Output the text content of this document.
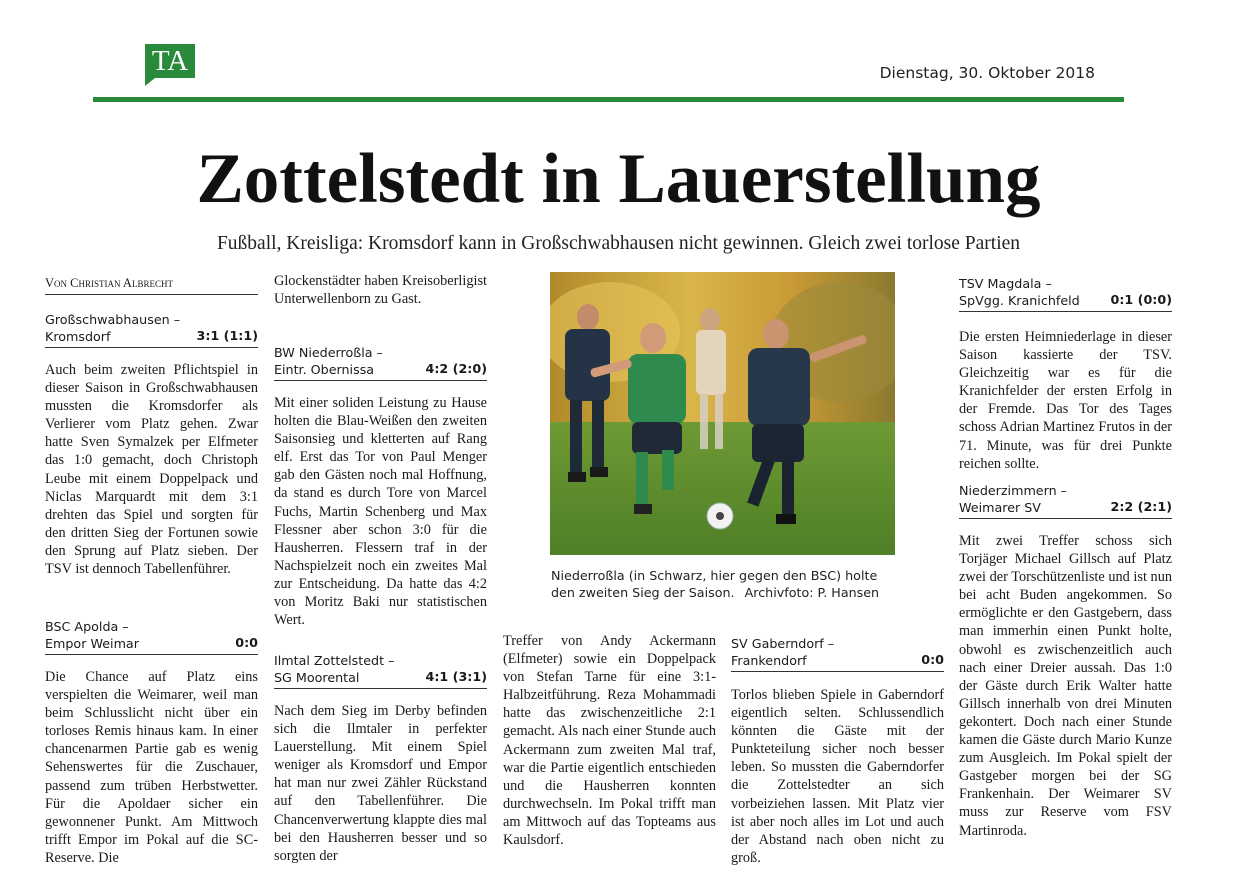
TA	Dienstag, 30. Oktober 2018
Zottelstedt in Lauerstellung
Fußball, Kreisliga: Kromsdorf kann in Großschwabhausen nicht gewinnen. Gleich zwei torlose Partien
Von Christian Albrecht
Großschwabhausen –
Kromsdorf	3:1 (1:1)
Auch beim zweiten Pflichtspiel in dieser Saison in Großschwabhausen mussten die Kromsdorfer als Verlierer vom Platz gehen. Zwar hatte Sven Symalzek per Elfmeter das 1:0 gemacht, doch Christoph Leube mit einem Doppelpack und Niclas Marquardt mit dem 3:1 drehten das Spiel und sorgten für den dritten Sieg der Fortunen sowie den Sprung auf Platz sieben. Der TSV ist dennoch Tabellenführer.
BSC Apolda –
Empor Weimar	0:0
Die Chance auf Platz eins verspielten die Weimarer, weil man beim Schlusslicht nicht über ein torloses Remis hinaus kam. In einer chancenarmen Partie gab es wenig Sehenswertes für die Zuschauer, passend zum trüben Herbstwetter. Für die Apoldaer sicher ein gewonnener Punkt. Am Mittwoch trifft Empor im Pokal auf die SC-Reserve. Die
Glockenstädter haben Kreisoberligist Unterwellenborn zu Gast.
BW Niederroßla –
Eintr. Obernissa	4:2 (2:0)
Mit einer soliden Leistung zu Hause holten die Blau-Weißen den zweiten Saisonsieg und kletterten auf Rang elf. Erst das Tor von Paul Menger gab den Gästen noch mal Hoffnung, da stand es durch Tore von Marcel Fuchs, Martin Schenberg und Max Flessner aber schon 3:0 für die Hausherren. Flessern traf in der Nachspielzeit noch ein zweites Mal zur Entscheidung. Da hatte das 4:2 von Moritz Baki nur statistischen Wert.
Ilmtal Zottelstedt –
SG Moorental	4:1 (3:1)
Nach dem Sieg im Derby befinden sich die Ilmtaler in perfekter Lauerstellung. Mit einem Spiel weniger als Kromsdorf und Empor hat man nur zwei Zähler Rückstand auf den Tabellenführer. Die Chancenverwertung klappte dies mal bei den Hausherren besser und so sorgten der
Niederroßla (in Schwarz, hier gegen den BSC) holte den zweiten Sieg der Saison. Archivfoto: P. Hansen
Treffer von Andy Ackermann (Elfmeter) sowie ein Doppelpack von Stefan Tarne für eine 3:1-Halbzeitführung. Reza Mohammadi hatte das zwischenzeitliche 2:1 gemacht. Als nach einer Stunde auch Ackermann zum zweiten Mal traf, war die Partie eigentlich entschieden und die Hausherren konnten durchwechseln. Im Pokal trifft man am Mittwoch auf das Topteams aus Kaulsdorf.
SV Gaberndorf –
Frankendorf	0:0
Torlos blieben Spiele in Gaberndorf eigentlich selten. Schlussendlich könnten die Gäste mit der Punkteteilung sicher noch besser leben. So mussten die Gaberndorfer die Zottelstedter an sich vorbeiziehen lassen. Mit Platz vier ist aber noch alles im Lot und auch der Abstand nach oben nicht zu groß.
TSV Magdala –
SpVgg. Kranichfeld	0:1 (0:0)
Die ersten Heimniederlage in dieser Saison kassierte der TSV. Gleichzeitig war es für die Kranichfelder der ersten Erfolg in der Fremde. Das Tor des Tages schoss Adrian Martinez Frutos in der 71. Minute, was für drei Punkte reichen sollte.
Niederzimmern –
Weimarer SV	2:2 (2:1)
Mit zwei Treffer schoss sich Torjäger Michael Gillsch auf Platz zwei der Torschützenliste und ist nun bei acht Buden angekommen. So ermöglichte er den Gastgebern, dass man immerhin einen Punkt holte, obwohl es zwischenzeitlich auch nach einer Dreier aussah. Das 1:0 der Gäste durch Erik Walter hatte Gillsch innerhalb von drei Minuten gekontert. Doch nach einer Stunde kamen die Gäste durch Mario Kunze zum Ausgleich. Im Pokal spielt der Gastgeber morgen bei der SG Frankenhain. Der Weimarer SV muss zur Reserve vom FSV Martinroda.
